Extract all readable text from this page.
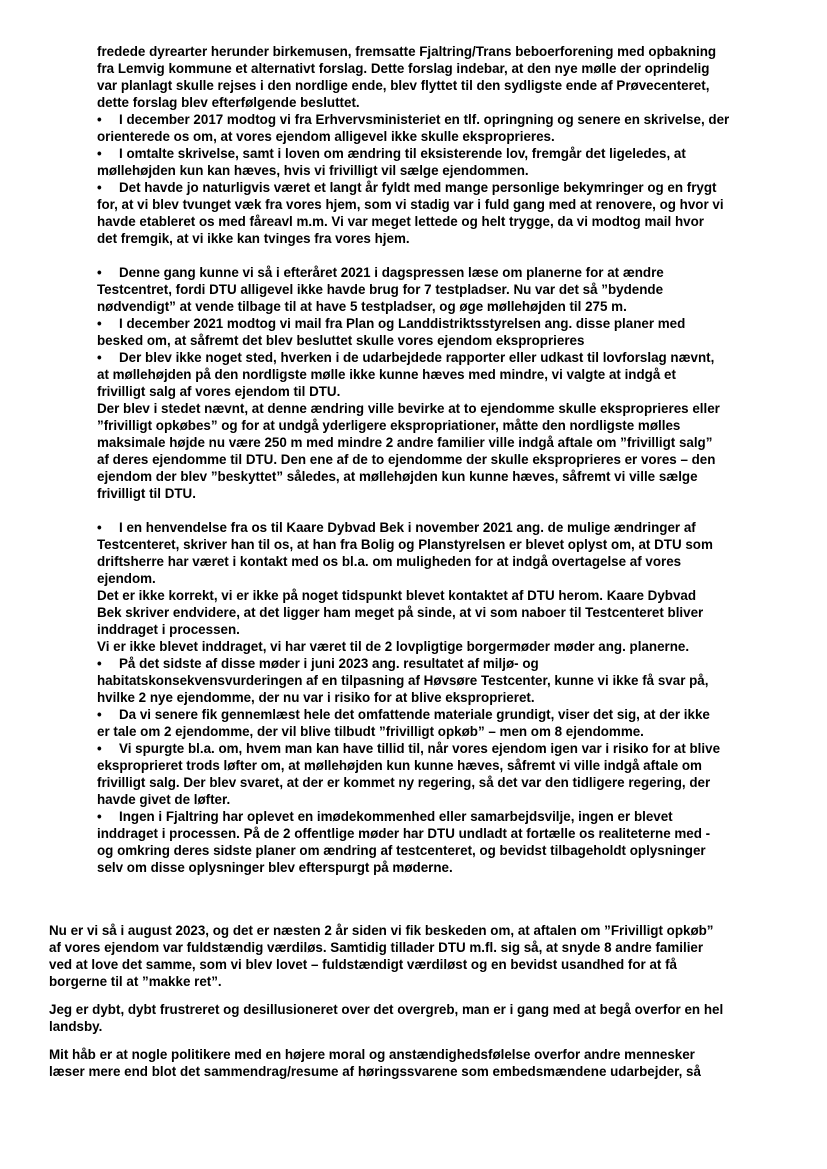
fredede dyrearter herunder birkemusen, fremsatte Fjaltring/Trans beboerforening med opbakning

fra Lemvig kommune et alternativt forslag. Dette forslag indebar, at den nye mølle der oprindelig

var planlagt skulle rejses i den nordlige ende, blev flyttet til den sydligste ende af Prøvecenteret,

dette forslag blev efterfølgende besluttet.

• I december 2017 modtog vi fra Erhvervsministeriet en tlf. opringning og senere en skrivelse, der

orienterede os om, at vores ejendom alligevel ikke skulle eksproprieres.

• I omtalte skrivelse, samt i loven om ændring til eksisterende lov, fremgår det ligeledes, at

møllehøjden kun kan hæves, hvis vi frivilligt vil sælge ejendommen.

• Det havde jo naturligvis været et langt år fyldt med mange personlige bekymringer og en frygt

for, at vi blev tvunget væk fra vores hjem, som vi stadig var i fuld gang med at renovere, og hvor vi

havde etableret os med fåreavl m.m. Vi var meget lettede og helt trygge, da vi modtog mail hvor

det fremgik, at vi ikke kan tvinges fra vores hjem.

• Denne gang kunne vi så i efteråret 2021 i dagspressen læse om planerne for at ændre

Testcentret, fordi DTU alligevel ikke havde brug for 7 testpladser. Nu var det så ”bydende

nødvendigt” at vende tilbage til at have 5 testpladser, og øge møllehøjden til 275 m.

• I december 2021 modtog vi mail fra Plan og Landdistriktsstyrelsen ang. disse planer med

besked om, at såfremt det blev besluttet skulle vores ejendom eksproprieres

• Der blev ikke noget sted, hverken i de udarbejdede rapporter eller udkast til lovforslag nævnt,

at møllehøjden på den nordligste mølle ikke kunne hæves med mindre, vi valgte at indgå et

frivilligt salg af vores ejendom til DTU.

Der blev i stedet nævnt, at denne ændring ville bevirke at to ejendomme skulle eksproprieres eller

”frivilligt opkøbes” og for at undgå yderligere ekspropriationer, måtte den nordligste mølles

maksimale højde nu være 250 m med mindre 2 andre familier ville indgå aftale om ”frivilligt salg”

af deres ejendomme til DTU. Den ene af de to ejendomme der skulle eksproprieres er vores – den

ejendom der blev ”beskyttet” således, at møllehøjden kun kunne hæves, såfremt vi ville sælge

frivilligt til DTU.

• I en henvendelse fra os til Kaare Dybvad Bek i november 2021 ang. de mulige ændringer af

Testcenteret, skriver han til os, at han fra Bolig og Planstyrelsen er blevet oplyst om, at DTU som

driftsherre har været i kontakt med os bl.a. om muligheden for at indgå overtagelse af vores

ejendom.

Det er ikke korrekt, vi er ikke på noget tidspunkt blevet kontaktet af DTU herom. Kaare Dybvad

Bek skriver endvidere, at det ligger ham meget på sinde, at vi som naboer til Testcenteret bliver

inddraget i processen.

Vi er ikke blevet inddraget, vi har været til de 2 lovpligtige borgermøder møder ang. planerne.

• På det sidste af disse møder i juni 2023 ang. resultatet af miljø- og

habitatskonsekvensvurderingen af en tilpasning af Høvsøre Testcenter, kunne vi ikke få svar på,

hvilke 2 nye ejendomme, der nu var i risiko for at blive eksproprieret.

• Da vi senere fik gennemlæst hele det omfattende materiale grundigt, viser det sig, at der ikke

er tale om 2 ejendomme, der vil blive tilbudt ”frivilligt opkøb” – men om 8 ejendomme.

• Vi spurgte bl.a. om, hvem man kan have tillid til, når vores ejendom igen var i risiko for at blive

eksproprieret trods løfter om, at møllehøjden kun kunne hæves, såfremt vi ville indgå aftale om

frivilligt salg. Der blev svaret, at der er kommet ny regering, så det var den tidligere regering, der

havde givet de løfter.

• Ingen i Fjaltring har oplevet en imødekommenhed eller samarbejdsvilje, ingen er blevet

inddraget i processen. På de 2 offentlige møder har DTU undladt at fortælle os realiteterne med -

og omkring deres sidste planer om ændring af testcenteret, og bevidst tilbageholdt oplysninger

selv om disse oplysninger blev efterspurgt på møderne.

Nu er vi så i august 2023, og det er næsten 2 år siden vi fik beskeden om, at aftalen om ”Frivilligt opkøb”

af vores ejendom var fuldstændig værdiløs. Samtidig tillader DTU m.fl. sig så, at snyde 8 andre familier

ved at love det samme, som vi blev lovet – fuldstændigt værdiløst og en bevidst usandhed for at få

borgerne til at ”makke ret”.

Jeg er dybt, dybt frustreret og desillusioneret over det overgreb, man er i gang med at begå overfor en hel

landsby.

Mit håb er at nogle politikere med en højere moral og anstændighedsfølelse overfor andre mennesker

læser mere end blot det sammendrag/resume af høringssvarene som embedsmændene udarbejder, så
